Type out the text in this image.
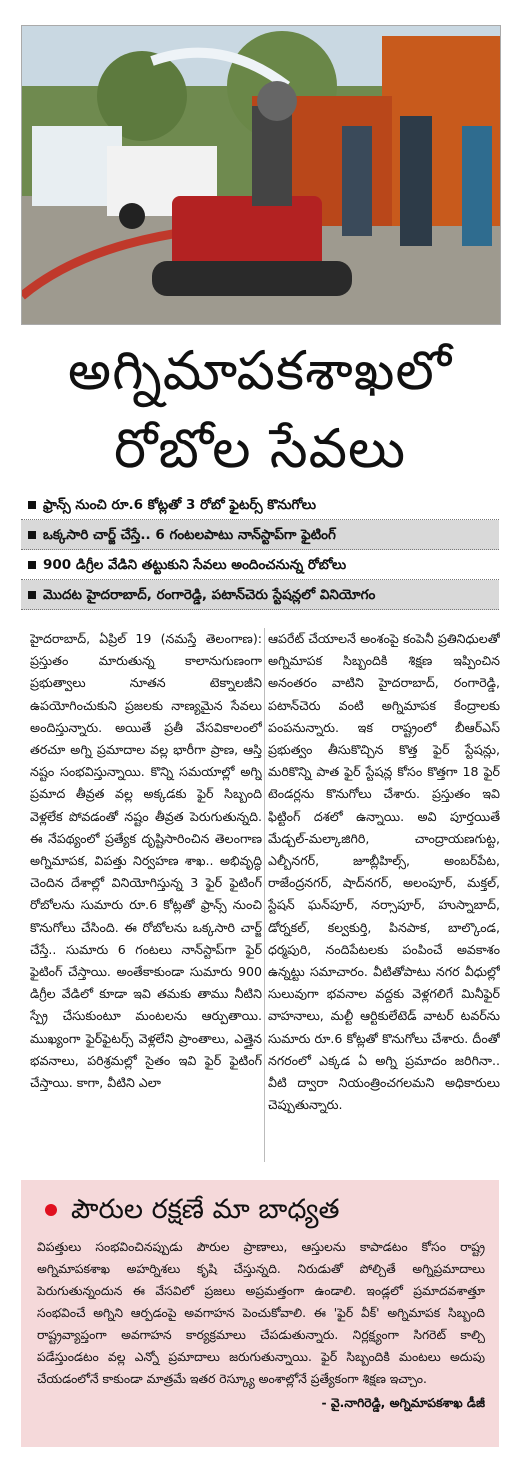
అగ్నిమాపకశాఖలో
రోబోల సేవలు
ఫ్రాన్స్‌ నుంచి రూ.6 కోట్లతో 3 రోబో ఫైటర్స్‌ కొనుగోలు
ఒక్కసారి చార్జ్‌ చేస్తే.. 6 గంటలపాటు నాన్‌స్టాప్‌గా ఫైటింగ్‌
900 డిగ్రీల వేడిని తట్టుకుని సేవలు అందించనున్న రోబోలు
మొదట హైదరాబాద్‌, రంగారెడ్డి, పటాన్‌చెరు స్టేషన్లలో వినియోగం

హైదరాబాద్‌, ఏప్రిల్‌ 19 (నమస్తే తెలంగాణ): ప్రస్తుతం మారుతున్న కాలానుగుణంగా ప్రభుత్వాలు నూతన టెక్నాలజీని ఉపయోగించుకుని ప్రజలకు నాణ్యమైన సేవలు అందిస్తున్నారు. అయితే ప్రతీ వేసవికాలంలో తరచూ అగ్ని ప్రమాదాల వల్ల భారీగా ప్రాణ, ఆస్తి నష్టం సంభవిస్తున్నాయి. కొన్ని సమయాల్లో అగ్ని ప్రమాద తీవ్రత వల్ల అక్కడకు ఫైర్‌ సిబ్బంది వెళ్లలేక పోవడంతో నష్టం తీవ్రత పెరుగుతున్నది. ఈ నేపథ్యంలో ప్రత్యేక దృష్టిసారించిన తెలంగాణ అగ్నిమాపక, విపత్తు నిర్వహణ శాఖ.. అభివృద్ధి చెందిన దేశాల్లో వినియోగిస్తున్న 3 ఫైర్‌ ఫైటింగ్‌ రోబోలను సుమారు రూ.6 కోట్లతో ఫ్రాన్స్‌ నుంచి కొనుగోలు చేసింది. ఈ రోబోలను ఒక్కసారి చార్జ్‌ చేస్తే.. సుమారు 6 గంటలు నాన్‌స్టాప్‌గా ఫైర్‌ ఫైటింగ్‌ చేస్తాయి. అంతేకాకుండా సుమారు 900 డిగ్రీల వేడిలో కూడా ఇవి తమకు తాము నీటిని స్ప్రే చేసుకుంటూ మంటలను ఆర్పుతాయి. ముఖ్యంగా ఫైర్‌ఫైటర్స్‌ వెళ్లలేని ప్రాంతాలు, ఎత్తైన భవనాలు, పరిశ్రమల్లో సైతం ఇవి ఫైర్‌ ఫైటింగ్‌ చేస్తాయి. కాగా, వీటిని ఎలా

ఆపరేట్‌ చేయాలనే అంశంపై కంపెనీ ప్రతినిధులతో అగ్నిమాపక సిబ్బందికి శిక్షణ ఇప్పించిన అనంతరం వాటిని హైదరాబాద్‌, రంగారెడ్డి, పటాన్‌చెరు వంటి అగ్నిమాపక కేంద్రాలకు పంపనున్నారు. ఇక రాష్ట్రంలో బీఆర్‌ఎస్‌ ప్రభుత్వం తీసుకొచ్చిన కొత్త ఫైర్‌ స్టేషన్లు, మరికొన్ని పాత ఫైర్‌ స్టేషన్ల కోసం కొత్తగా 18 ఫైర్‌ టెండర్లను కొనుగోలు చేశారు. ప్రస్తుతం ఇవి ఫిట్టింగ్‌ దశలో ఉన్నాయి. అవి పూర్తయితే మేడ్చల్‌-మల్కాజిగిరి, చాంద్రాయణగుట్ట, ఎల్బీనగర్‌, జూబ్లీహిల్స్‌, అంబర్‌పేట, రాజేంద్రనగర్‌, షాద్‌నగర్‌, అలంపూర్‌, మక్తల్‌, స్టేషన్‌ ఘన్‌పూర్‌, నర్సాపూర్‌, హుస్నాబాద్‌, డోర్నకల్‌, కల్వకుర్తి, పినపాక, బాల్కొండ, ధర్మపురి, నందిపేటలకు పంపించే అవకాశం ఉన్నట్టు సమాచారం. వీటితోపాటు నగర వీధుల్లో సులువుగా భవనాల వద్దకు వెళ్లగలిగే మినీఫైర్‌ వాహనాలు, మల్టీ ఆర్టికులేటెడ్‌ వాటర్‌ టవర్‌ను సుమారు రూ.6 కోట్లతో కొనుగోలు చేశారు. దీంతో నగరంలో ఎక్కడ ఏ అగ్ని ప్రమాదం జరిగినా.. వీటి ద్వారా నియంత్రించగలమని అధికారులు చెప్పుతున్నారు.

పౌరుల రక్షణే మా బాధ్యత
విపత్తులు సంభవించినప్పుడు పౌరుల ప్రాణాలు, ఆస్తులను కాపాడటం కోసం రాష్ట్ర అగ్నిమాపకశాఖ అహర్నిశలు కృషి చేస్తున్నది. నిరుడుతో పోల్చితే అగ్నిప్రమాదాలు పెరుగుతున్నందున ఈ వేసవిలో ప్రజలు అప్రమత్తంగా ఉండాలి. ఇండ్లలో ప్రమాదవశాత్తూ సంభవించే అగ్నిని ఆర్పడంపై అవగాహన పెంచుకోవాలి. ఈ 'ఫైర్‌ వీక్‌' అగ్నిమాపక సిబ్బంది రాష్ట్రవ్యాప్తంగా అవగాహన కార్యక్రమాలు చేపడుతున్నారు. నిర్లక్ష్యంగా సిగరెట్‌ కాల్చి పడేస్తుండటం వల్ల ఎన్నో ప్రమాదాలు జరుగుతున్నాయి. ఫైర్‌ సిబ్బందికి మంటలు అదుపు చేయడంలోనే కాకుండా మాత్రమే ఇతర రెస్క్యూ అంశాల్లోనే ప్రత్యేకంగా శిక్షణ ఇచ్చాం.
- వై.నాగిరెడ్డి, అగ్నిమాపకశాఖ డీజీ
